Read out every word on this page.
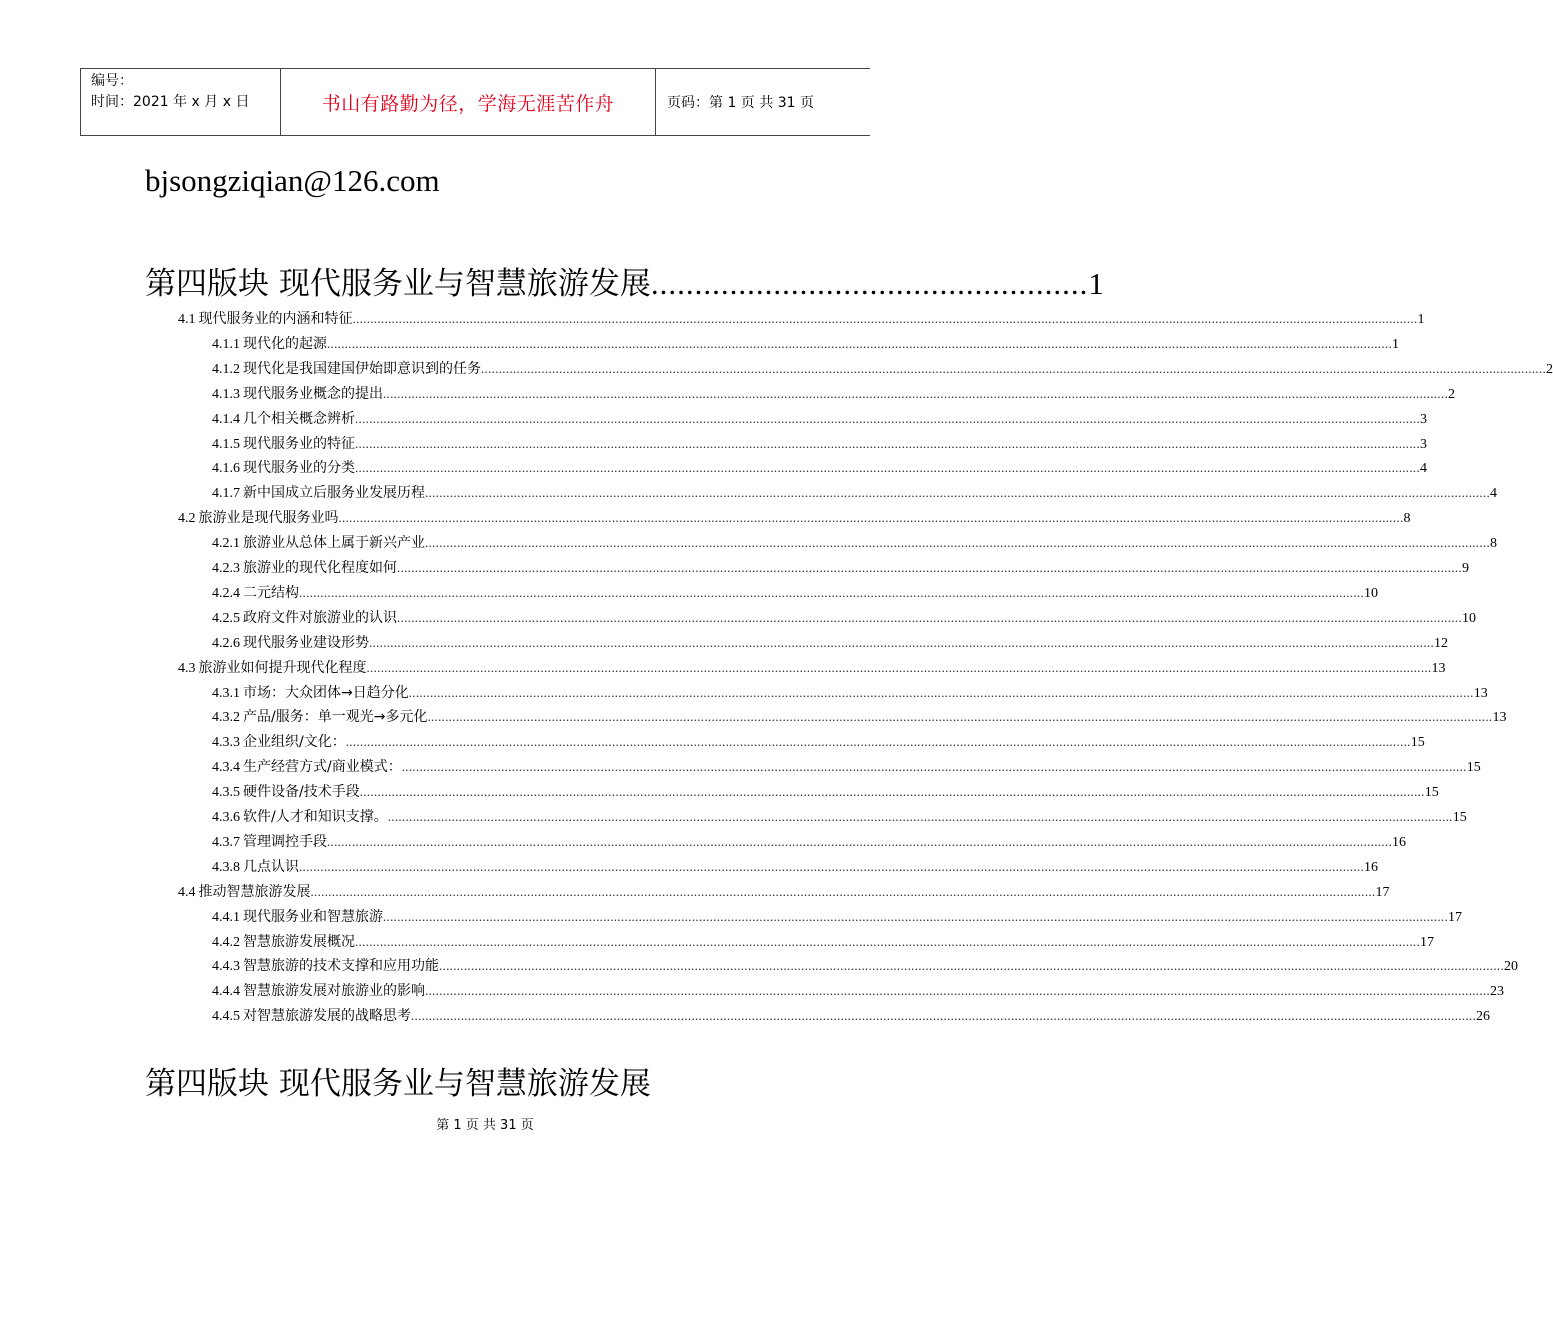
编号：
时间：2021 年 x 月 x 日	书山有路勤为径，学海无涯苦作舟	页码：第 1 页 共 31 页
bjsongziqian@126.com
第四版块 现代服务业与智慧旅游发展 .................................................. 1
4.1 现代服务业的内涵和特征 ............................................................................................................................................................................................................................................................................................................ 1
4.1.1 现代化的起源 ............................................................................................................................................................................................................................................................................................................ 1
4.1.2 现代化是我国建国伊始即意识到的任务 ............................................................................................................................................................................................................................................................................................................ 2
4.1.3 现代服务业概念的提出 ............................................................................................................................................................................................................................................................................................................ 2
4.1.4 几个相关概念辨析 ............................................................................................................................................................................................................................................................................................................ 3
4.1.5 现代服务业的特征 ............................................................................................................................................................................................................................................................................................................ 3
4.1.6 现代服务业的分类 ............................................................................................................................................................................................................................................................................................................ 4
4.1.7 新中国成立后服务业发展历程 ............................................................................................................................................................................................................................................................................................................ 4
4.2 旅游业是现代服务业吗 ............................................................................................................................................................................................................................................................................................................ 8
4.2.1 旅游业从总体上属于新兴产业 ............................................................................................................................................................................................................................................................................................................ 8
4.2.3 旅游业的现代化程度如何 ............................................................................................................................................................................................................................................................................................................ 9
4.2.4 二元结构 ............................................................................................................................................................................................................................................................................................................ 10
4.2.5 政府文件对旅游业的认识 ............................................................................................................................................................................................................................................................................................................ 10
4.2.6 现代服务业建设形势 ............................................................................................................................................................................................................................................................................................................ 12
4.3 旅游业如何提升现代化程度 ............................................................................................................................................................................................................................................................................................................ 13
4.3.1 市场：大众团体→日趋分化 ............................................................................................................................................................................................................................................................................................................ 13
4.3.2 产品/服务：单一观光→多元化 ............................................................................................................................................................................................................................................................................................................ 13
4.3.3 企业组织/文化： ............................................................................................................................................................................................................................................................................................................ 15
4.3.4 生产经营方式/商业模式： ............................................................................................................................................................................................................................................................................................................ 15
4.3.5 硬件设备/技术手段 ............................................................................................................................................................................................................................................................................................................ 15
4.3.6 软件/人才和知识支撑。 ............................................................................................................................................................................................................................................................................................................ 15
4.3.7 管理调控手段 ............................................................................................................................................................................................................................................................................................................ 16
4.3.8 几点认识 ............................................................................................................................................................................................................................................................................................................ 16
4.4 推动智慧旅游发展 ............................................................................................................................................................................................................................................................................................................ 17
4.4.1 现代服务业和智慧旅游 ............................................................................................................................................................................................................................................................................................................ 17
4.4.2 智慧旅游发展概况 ............................................................................................................................................................................................................................................................................................................ 17
4.4.3 智慧旅游的技术支撑和应用功能 ............................................................................................................................................................................................................................................................................................................ 20
4.4.4 智慧旅游发展对旅游业的影响 ............................................................................................................................................................................................................................................................................................................ 23
4.4.5 对智慧旅游发展的战略思考 ............................................................................................................................................................................................................................................................................................................ 26
第四版块 现代服务业与智慧旅游发展
第 1 页 共 31 页
